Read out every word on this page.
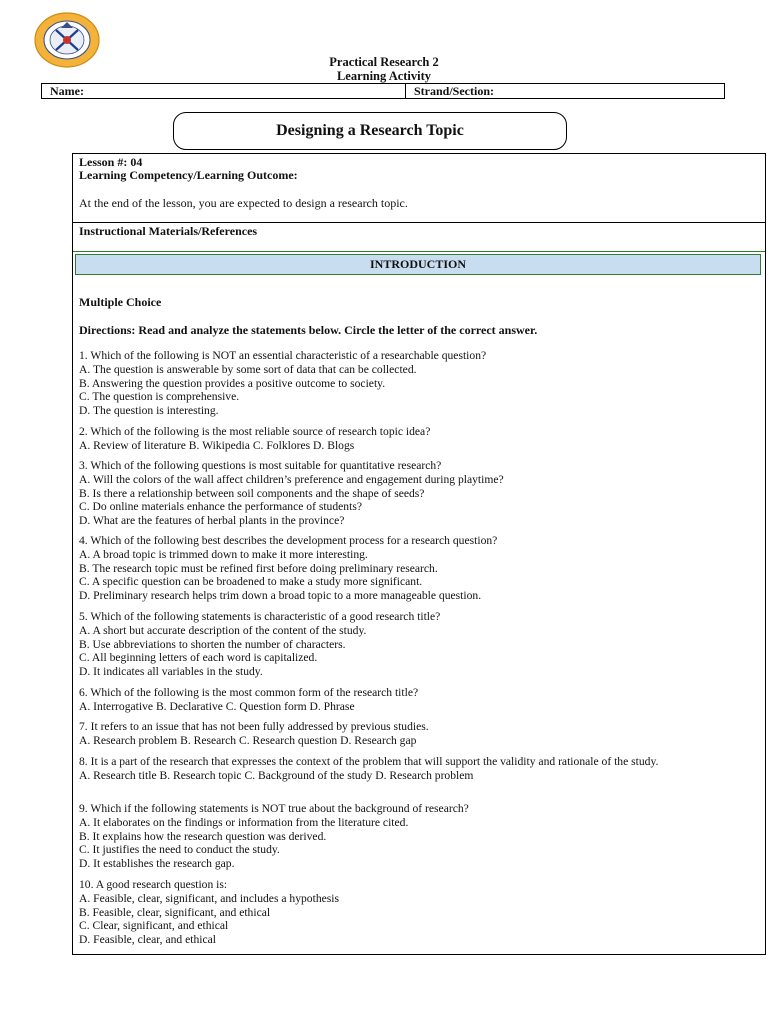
Practical Research 2
Learning Activity
Name:	Strand/Section:
Designing a Research Topic
Lesson #: 04
Learning Competency/Learning Outcome:
At the end of the lesson, you are expected to design a research topic.
Instructional Materials/References
INTRODUCTION
Multiple Choice
Directions: Read and analyze the statements below. Circle the letter of the correct answer.
1. Which of the following is NOT an essential characteristic of a researchable question?
A. The question is answerable by some sort of data that can be collected.
B. Answering the question provides a positive outcome to society.
C. The question is comprehensive.
D. The question is interesting.
2. Which of the following is the most reliable source of research topic idea?
A. Review of literature B. Wikipedia C. Folklores D. Blogs
3. Which of the following questions is most suitable for quantitative research?
A. Will the colors of the wall affect children’s preference and engagement during playtime?
B. Is there a relationship between soil components and the shape of seeds?
C. Do online materials enhance the performance of students?
D. What are the features of herbal plants in the province?
4. Which of the following best describes the development process for a research question?
A. A broad topic is trimmed down to make it more interesting.
B. The research topic must be refined first before doing preliminary research.
C. A specific question can be broadened to make a study more significant.
D. Preliminary research helps trim down a broad topic to a more manageable question.
5. Which of the following statements is characteristic of a good research title?
A. A short but accurate description of the content of the study.
B. Use abbreviations to shorten the number of characters.
C. All beginning letters of each word is capitalized.
D. It indicates all variables in the study.
6. Which of the following is the most common form of the research title?
A. Interrogative B. Declarative C. Question form D. Phrase
7. It refers to an issue that has not been fully addressed by previous studies.
A. Research problem B. Research C. Research question D. Research gap
8. It is a part of the research that expresses the context of the problem that will support the validity and rationale of the study.
A. Research title B. Research topic C. Background of the study D. Research problem
9. Which if the following statements is NOT true about the background of research?
A. It elaborates on the findings or information from the literature cited.
B. It explains how the research question was derived.
C. It justifies the need to conduct the study.
D. It establishes the research gap.
10. A good research question is:
A. Feasible, clear, significant, and includes a hypothesis
B. Feasible, clear, significant, and ethical
C. Clear, significant, and ethical
D. Feasible, clear, and ethical
